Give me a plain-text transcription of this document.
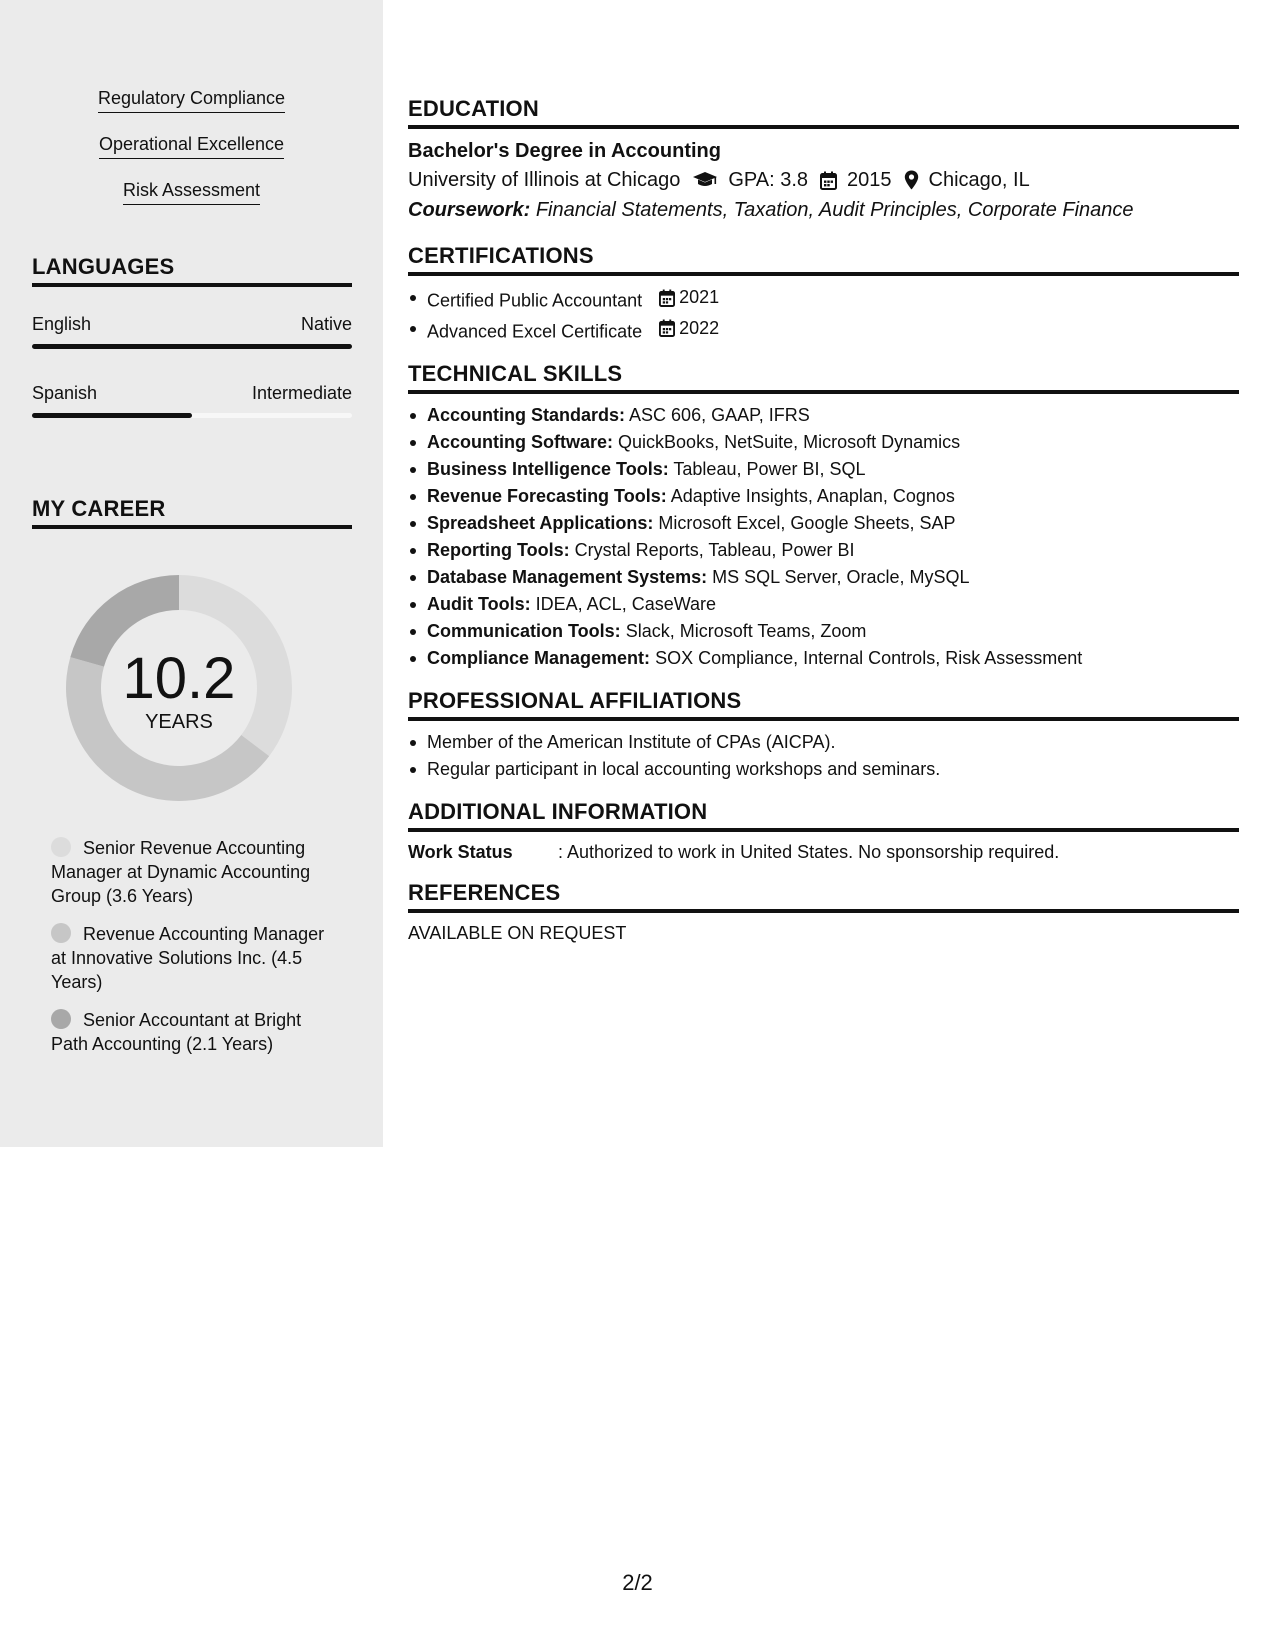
Regulatory Compliance
Operational Excellence
Risk Assessment
LANGUAGES
English	Native
Spanish	Intermediate
MY CAREER
10.2
YEARS
Senior Revenue Accounting Manager at Dynamic Accounting Group (3.6 Years)
Revenue Accounting Manager at Innovative Solutions Inc. (4.5 Years)
Senior Accountant at Bright Path Accounting (2.1 Years)
EDUCATION
Bachelor's Degree in Accounting
University of Illinois at Chicago GPA: 3.8 2015 Chicago, IL
Coursework: Financial Statements, Taxation, Audit Principles, Corporate Finance
CERTIFICATIONS
Certified Public Accountant 2021
Advanced Excel Certificate 2022
TECHNICAL SKILLS
Accounting Standards: ASC 606, GAAP, IFRS
Accounting Software: QuickBooks, NetSuite, Microsoft Dynamics
Business Intelligence Tools: Tableau, Power BI, SQL
Revenue Forecasting Tools: Adaptive Insights, Anaplan, Cognos
Spreadsheet Applications: Microsoft Excel, Google Sheets, SAP
Reporting Tools: Crystal Reports, Tableau, Power BI
Database Management Systems: MS SQL Server, Oracle, MySQL
Audit Tools: IDEA, ACL, CaseWare
Communication Tools: Slack, Microsoft Teams, Zoom
Compliance Management: SOX Compliance, Internal Controls, Risk Assessment
PROFESSIONAL AFFILIATIONS
Member of the American Institute of CPAs (AICPA).
Regular participant in local accounting workshops and seminars.
ADDITIONAL INFORMATION
Work Status	: Authorized to work in United States. No sponsorship required.
REFERENCES
AVAILABLE ON REQUEST
2/2
